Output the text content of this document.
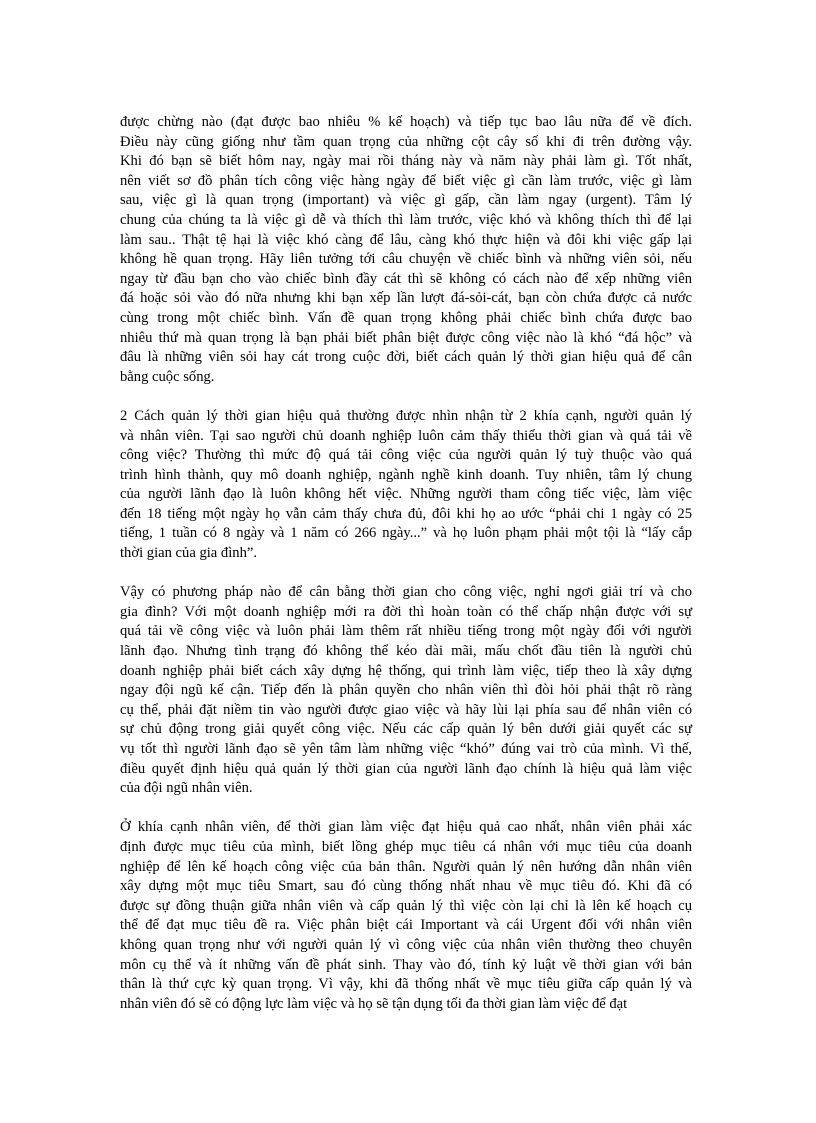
được chừng nào (đạt được bao nhiêu % kế hoạch) và tiếp tục bao lâu nữa để về đích.
Điều này cũng giống như tầm quan trọng của những cột cây số khi đi trên đường vậy.
Khi đó bạn sẽ biết hôm nay, ngày mai rồi tháng này và năm này phải làm gì. Tốt nhất,
nên viết sơ đồ phân tích công việc hàng ngày để biết việc gì cần làm trước, việc gì làm
sau, việc gì là quan trọng (important) và việc gì gấp, cần làm ngay (urgent). Tâm lý
chung của chúng ta là việc gì dễ và thích thì làm trước, việc khó và không thích thì để lại
làm sau.. Thật tệ hại là việc khó càng để lâu, càng khó thực hiện và đôi khi việc gấp lại
không hề quan trọng. Hãy liên tưởng tới câu chuyện về chiếc bình và những viên sỏi, nếu
ngay từ đầu bạn cho vào chiếc bình đầy cát thì sẽ không có cách nào để xếp những viên
đá hoặc sỏi vào đó nữa nhưng khi bạn xếp lần lượt đá-sỏi-cát, bạn còn chứa được cả nước
cùng trong một chiếc bình. Vấn đề quan trọng không phải chiếc bình chứa được bao
nhiêu thứ mà quan trọng là bạn phải biết phân biệt được công việc nào là khó “đá hộc” và
đâu là những viên sỏi hay cát trong cuộc đời, biết cách quản lý thời gian hiệu quả để cân
bằng cuộc sống.
2 Cách quản lý thời gian hiệu quả thường được nhìn nhận từ 2 khía cạnh, người quản lý
và nhân viên. Tại sao người chủ doanh nghiệp luôn cảm thấy thiếu thời gian và quá tải về
công việc? Thường thì mức độ quá tải công việc của người quản lý tuỳ thuộc vào quá
trình hình thành, quy mô doanh nghiệp, ngành nghề kinh doanh. Tuy nhiên, tâm lý chung
của người lãnh đạo là luôn không hết việc. Những người tham công tiếc việc, làm việc
đến 18 tiếng một ngày họ vẫn cảm thấy chưa đủ, đôi khi họ ao ước “phải chi 1 ngày có 25
tiếng, 1 tuần có 8 ngày và 1 năm có 266 ngày...” và họ luôn phạm phải một tội là “lấy cắp
thời gian của gia đình”.
Vậy có phương pháp nào để cân bằng thời gian cho công việc, nghỉ ngơi giải trí và cho
gia đình? Với một doanh nghiệp mới ra đời thì hoàn toàn có thể chấp nhận được với sự
quá tải về công việc và luôn phải làm thêm rất nhiều tiếng trong một ngày đối với người
lãnh đạo. Nhưng tình trạng đó không thể kéo dài mãi, mấu chốt đầu tiên là người chủ
doanh nghiệp phải biết cách xây dựng hệ thống, qui trình làm việc, tiếp theo là xây dựng
ngay đội ngũ kế cận. Tiếp đến là phân quyền cho nhân viên thì đòi hỏi phải thật rõ ràng
cụ thể, phải đặt niềm tin vào người được giao việc và hãy lùi lại phía sau để nhân viên có
sự chủ động trong giải quyết công việc. Nếu các cấp quản lý bên dưới giải quyết các sự
vụ tốt thì người lãnh đạo sẽ yên tâm làm những việc “khó” đúng vai trò của mình. Vì thế,
điều quyết định hiệu quả quản lý thời gian của người lãnh đạo chính là hiệu quả làm việc
của đội ngũ nhân viên.
Ở khía cạnh nhân viên, để thời gian làm việc đạt hiệu quả cao nhất, nhân viên phải xác
định được mục tiêu của mình, biết lồng ghép mục tiêu cá nhân với mục tiêu của doanh
nghiệp để lên kế hoạch công việc của bản thân. Người quản lý nên hướng dẫn nhân viên
xây dựng một mục tiêu Smart, sau đó cùng thống nhất nhau về mục tiêu đó. Khi đã có
được sự đồng thuận giữa nhân viên và cấp quản lý thì việc còn lại chỉ là lên kế hoạch cụ
thể để đạt mục tiêu đề ra. Việc phân biệt cái Important và cái Urgent đối với nhân viên
không quan trọng như với người quản lý vì công việc của nhân viên thường theo chuyên
môn cụ thể và ít những vấn đề phát sinh. Thay vào đó, tính kỷ luật về thời gian với bản
thân là thứ cực kỳ quan trọng. Vì vậy, khi đã thống nhất về mục tiêu giữa cấp quản lý và
nhân viên đó sẽ có động lực làm việc và họ sẽ tận dụng tối đa thời gian làm việc để đạt
